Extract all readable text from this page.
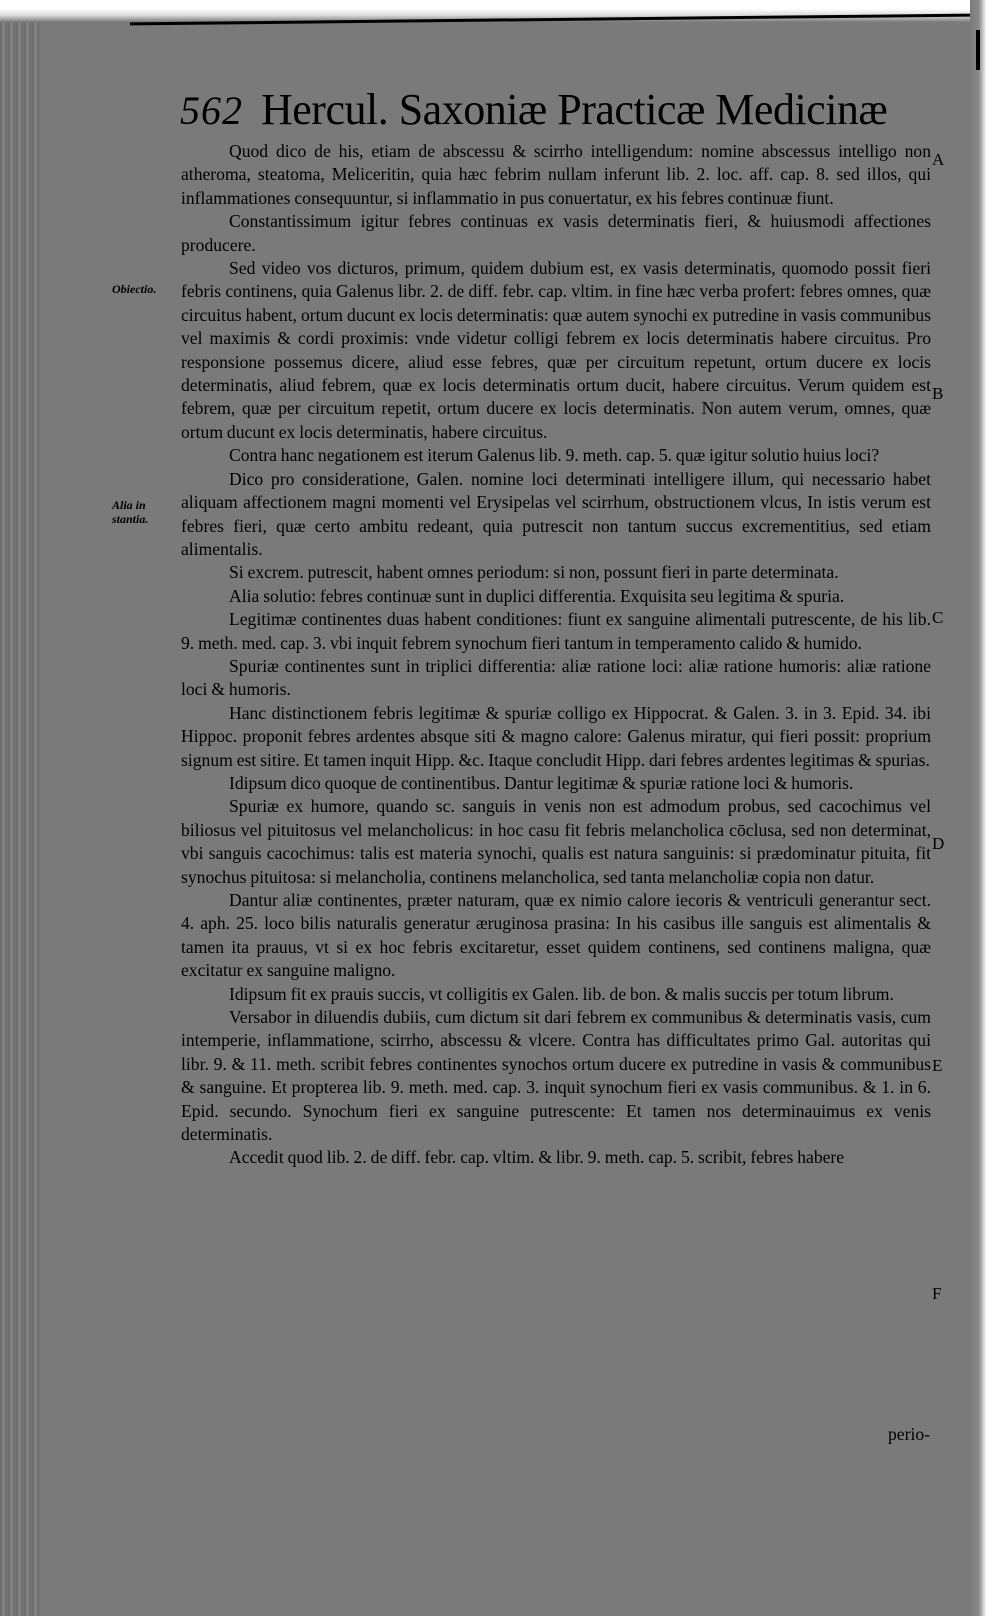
562 Hercul. Saxoniæ Practicæ Medicinæ
Obiectio.
Alia in stantia.
A
B
C
D
E
F

Quod dico de his, etiam de abscessu & scirrho intelligendum: nomine abscessus intelligo non atheroma, steatoma, Meliceritin, quia hæc febrim nullam inferunt lib. 2. loc. aff. cap. 8. sed illos, qui inflammationes consequuntur, si inflammatio in pus conuertatur, ex his febres continuæ fiunt.

Constantissimum igitur febres continuas ex vasis determinatis fieri, & huiusmodi affectiones producere.

Sed video vos dicturos, primum, quidem dubium est, ex vasis determinatis, quomodo possit fieri febris continens, quia Galenus libr. 2. de diff. febr. cap. vltim. in fine hæc verba profert: febres omnes, quæ circuitus habent, ortum ducunt ex locis determinatis: quæ autem synochi ex putredine in vasis communibus vel maximis & cordi proximis: vnde videtur colligi febrem ex locis determinatis habere circuitus. Pro responsione possemus dicere, aliud esse febres, quæ per circuitum repetunt, ortum ducere ex locis determinatis, aliud febrem, quæ ex locis determinatis ortum ducit, habere circuitus. Verum quidem est febrem, quæ per circuitum repetit, ortum ducere ex locis determinatis. Non autem verum, omnes, quæ ortum ducunt ex locis determinatis, habere circuitus.

Contra hanc negationem est iterum Galenus lib. 9. meth. cap. 5. quæ igitur solutio huius loci?

Dico pro consideratione, Galen. nomine loci determinati intelligere illum, qui necessario habet aliquam affectionem magni momenti vel Erysipelas vel scirrhum, obstructionem vlcus, In istis verum est febres fieri, quæ certo ambitu redeant, quia putrescit non tantum succus excrementitius, sed etiam alimentalis.

Si excrem. putrescit, habent omnes periodum: si non, possunt fieri in parte determinata.

Alia solutio: febres continuæ sunt in duplici differentia. Exquisita seu legitima & spuria.

Legitimæ continentes duas habent conditiones: fiunt ex sanguine alimentali putrescente, de his lib. 9. meth. med. cap. 3. vbi inquit febrem synochum fieri tantum in temperamento calido & humido.

Spuriæ continentes sunt in triplici differentia: aliæ ratione loci: aliæ ratione humoris: aliæ ratione loci & humoris.

Hanc distinctionem febris legitimæ & spuriæ colligo ex Hippocrat. & Galen. 3. in 3. Epid. 34. ibi Hippoc. proponit febres ardentes absque siti & magno calore: Galenus miratur, qui fieri possit: proprium signum est sitire. Et tamen inquit Hipp. &c. Itaque concludit Hipp. dari febres ardentes legitimas & spurias.

Idipsum dico quoque de continentibus. Dantur legitimæ & spuriæ ratione loci & humoris.

Spuriæ ex humore, quando sc. sanguis in venis non est admodum probus, sed cacochimus vel biliosus vel pituitosus vel melancholicus: in hoc casu fit febris melancholica cōclusa, sed non determinat, vbi sanguis cacochimus: talis est materia synochi, qualis est natura sanguinis: si prædominatur pituita, fit synochus pituitosa: si melancholia, continens melancholica, sed tanta melancholiæ copia non datur.

Dantur aliæ continentes, præter naturam, quæ ex nimio calore iecoris & ventriculi generantur sect. 4. aph. 25. loco bilis naturalis generatur æruginosa prasina: In his casibus ille sanguis est alimentalis & tamen ita prauus, vt si ex hoc febris excitaretur, esset quidem continens, sed continens maligna, quæ excitatur ex sanguine maligno.

Idipsum fit ex prauis succis, vt colligitis ex Galen. lib. de bon. & malis succis per totum librum.

Versabor in diluendis dubiis, cum dictum sit dari febrem ex communibus & determinatis vasis, cum intemperie, inflammatione, scirrho, abscessu & vlcere. Contra has difficultates primo Gal. autoritas qui libr. 9. & 11. meth. scribit febres continentes synochos ortum ducere ex putredine in vasis & communibus & sanguine. Et propterea lib. 9. meth. med. cap. 3. inquit synochum fieri ex vasis communibus. & 1. in 6. Epid. secundo. Synochum fieri ex sanguine putrescente: Et tamen nos determinauimus ex venis determinatis.

Accedit quod lib. 2. de diff. febr. cap. vltim. & libr. 9. meth. cap. 5. scribit, febres habere

perio-
